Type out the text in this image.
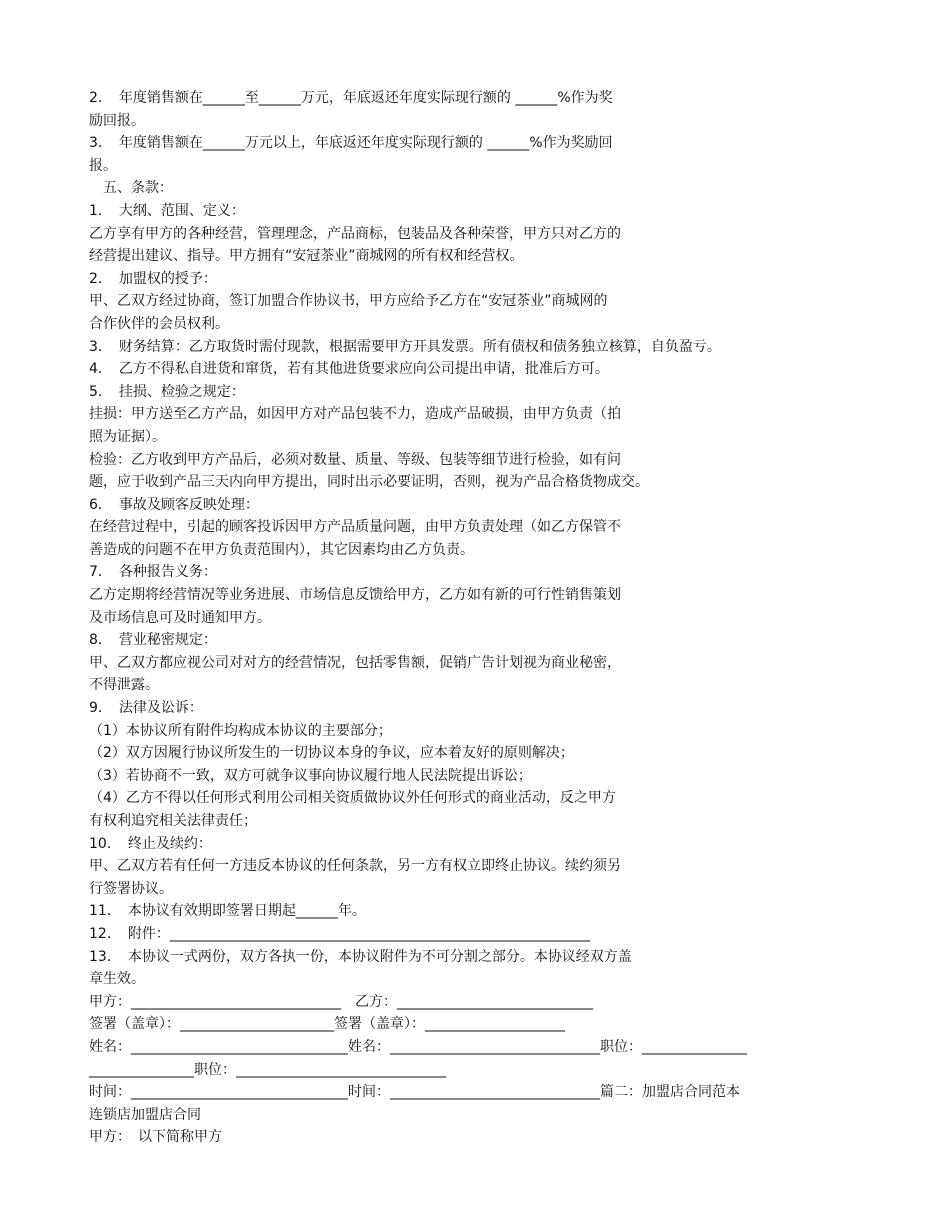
2．　年度销售额在______至______万元，年底返还年度实际现行额的 ______%作为奖
励回报。
3．　年度销售额在______万元以上，年底返还年度实际现行额的 ______%作为奖励回
报。
　五、条款：
1．　大纲、范围、定义：
乙方享有甲方的各种经营，管理理念，产品商标，包装品及各种荣誉，甲方只对乙方的
经营提出建议、指导。甲方拥有“安冠茶业”商城网的所有权和经营权。
2．　加盟权的授予：
甲、乙双方经过协商，签订加盟合作协议书，甲方应给予乙方在“安冠茶业”商城网的
合作伙伴的会员权利。
3．　财务结算：乙方取货时需付现款，根据需要甲方开具发票。所有债权和债务独立核算，自负盈亏。
4．　乙方不得私自进货和窜货，若有其他进货要求应向公司提出申请，批准后方可。
5．　挂损、检验之规定：
挂损：甲方送至乙方产品，如因甲方对产品包装不力，造成产品破损，由甲方负责（拍
照为证据）。
检验：乙方收到甲方产品后，必须对数量、质量、等级、包装等细节进行检验，如有问
题，应于收到产品三天内向甲方提出，同时出示必要证明，否则，视为产品合格货物成交。
6．　事故及顾客反映处理：
在经营过程中，引起的顾客投诉因甲方产品质量问题，由甲方负责处理（如乙方保管不
善造成的问题不在甲方负责范围内），其它因素均由乙方负责。
7．　各种报告义务：
乙方定期将经营情况等业务进展、市场信息反馈给甲方，乙方如有新的可行性销售策划
及市场信息可及时通知甲方。
8．　营业秘密规定：
甲、乙双方都应视公司对对方的经营情况，包括零售额，促销广告计划视为商业秘密，
不得泄露。
9．　法律及讼诉：
（1）本协议所有附件均构成本协议的主要部分；
（2）双方因履行协议所发生的一切协议本身的争议，应本着友好的原则解决；
（3）若协商不一致，双方可就争议事向协议履行地人民法院提出诉讼；
（4）乙方不得以任何形式利用公司相关资质做协议外任何形式的商业活动，反之甲方
有权利追究相关法律责任；
10．　终止及续约：
甲、乙双方若有任何一方违反本协议的任何条款，另一方有权立即终止协议。续约须另
行签署协议。
11．　本协议有效期即签署日期起______年。
12．　附件：____________________________________________________________
13．　本协议一式两份，双方各执一份，本协议附件为不可分割之部分。本协议经双方盖
章生效。
甲方：______________________________　乙方：____________________________
签署（盖章）：______________________签署（盖章）：____________________
姓名：_______________________________姓名：______________________________职位：_______________
_______________职位：______________________________
时间：_______________________________时间：______________________________篇二：加盟店合同范本
连锁店加盟店合同
甲方：　以下简称甲方
